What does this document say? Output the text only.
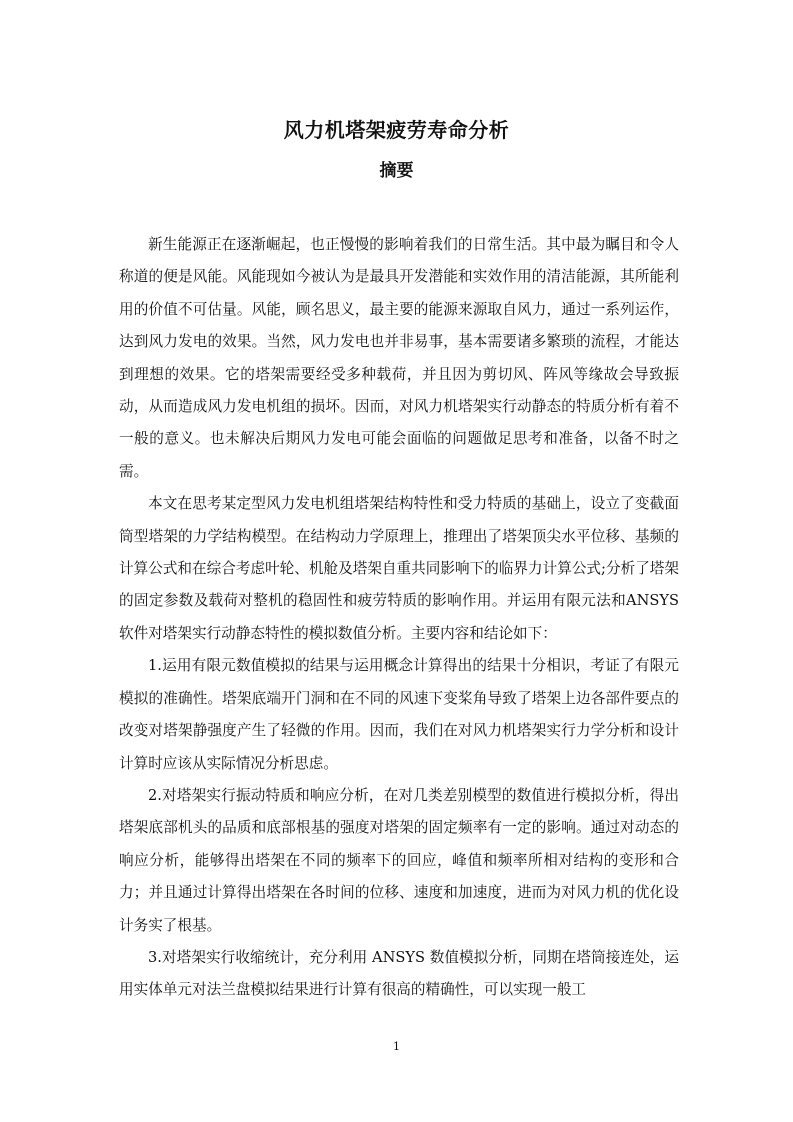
风力机塔架疲劳寿命分析
摘要

新生能源正在逐渐崛起，也正慢慢的影响着我们的日常生活。其中最为瞩目和令人称道的便是风能。风能现如今被认为是最具开发潜能和实效作用的清洁能源，其所能利用的价值不可估量。风能，顾名思义，最主要的能源来源取自风力，通过一系列运作，达到风力发电的效果。当然，风力发电也并非易事，基本需要诸多繁琐的流程，才能达到理想的效果。它的塔架需要经受多种载荷，并且因为剪切风、阵风等缘故会导致振动，从而造成风力发电机组的损坏。因而，对风力机塔架实行动静态的特质分析有着不一般的意义。也未解决后期风力发电可能会面临的问题做足思考和准备，以备不时之需。

本文在思考某定型风力发电机组塔架结构特性和受力特质的基础上，设立了变截面筒型塔架的力学结构模型。在结构动力学原理上，推理出了塔架顶尖水平位移、基频的计算公式和在综合考虑叶轮、机舱及塔架自重共同影响下的临界力计算公式;分析了塔架的固定参数及载荷对整机的稳固性和疲劳特质的影响作用。并运用有限元法和ANSYS 软件对塔架实行动静态特性的模拟数值分析。主要内容和结论如下：

1.运用有限元数值模拟的结果与运用概念计算得出的结果十分相识，考证了有限元模拟的准确性。塔架底端开门洞和在不同的风速下变桨角导致了塔架上边各部件要点的改变对塔架静强度产生了轻微的作用。因而，我们在对风力机塔架实行力学分析和设计计算时应该从实际情况分析思虑。

2.对塔架实行振动特质和响应分析，在对几类差别模型的数值进行模拟分析，得出塔架底部机头的品质和底部根基的强度对塔架的固定频率有一定的影响。通过对动态的响应分析，能够得出塔架在不同的频率下的回应，峰值和频率所相对结构的变形和合力；并且通过计算得出塔架在各时间的位移、速度和加速度，进而为对风力机的优化设计务实了根基。

3.对塔架实行收缩统计，充分利用 ANSYS 数值模拟分析，同期在塔筒接连处，运用实体单元对法兰盘模拟结果进行计算有很高的精确性，可以实现一般工

1
